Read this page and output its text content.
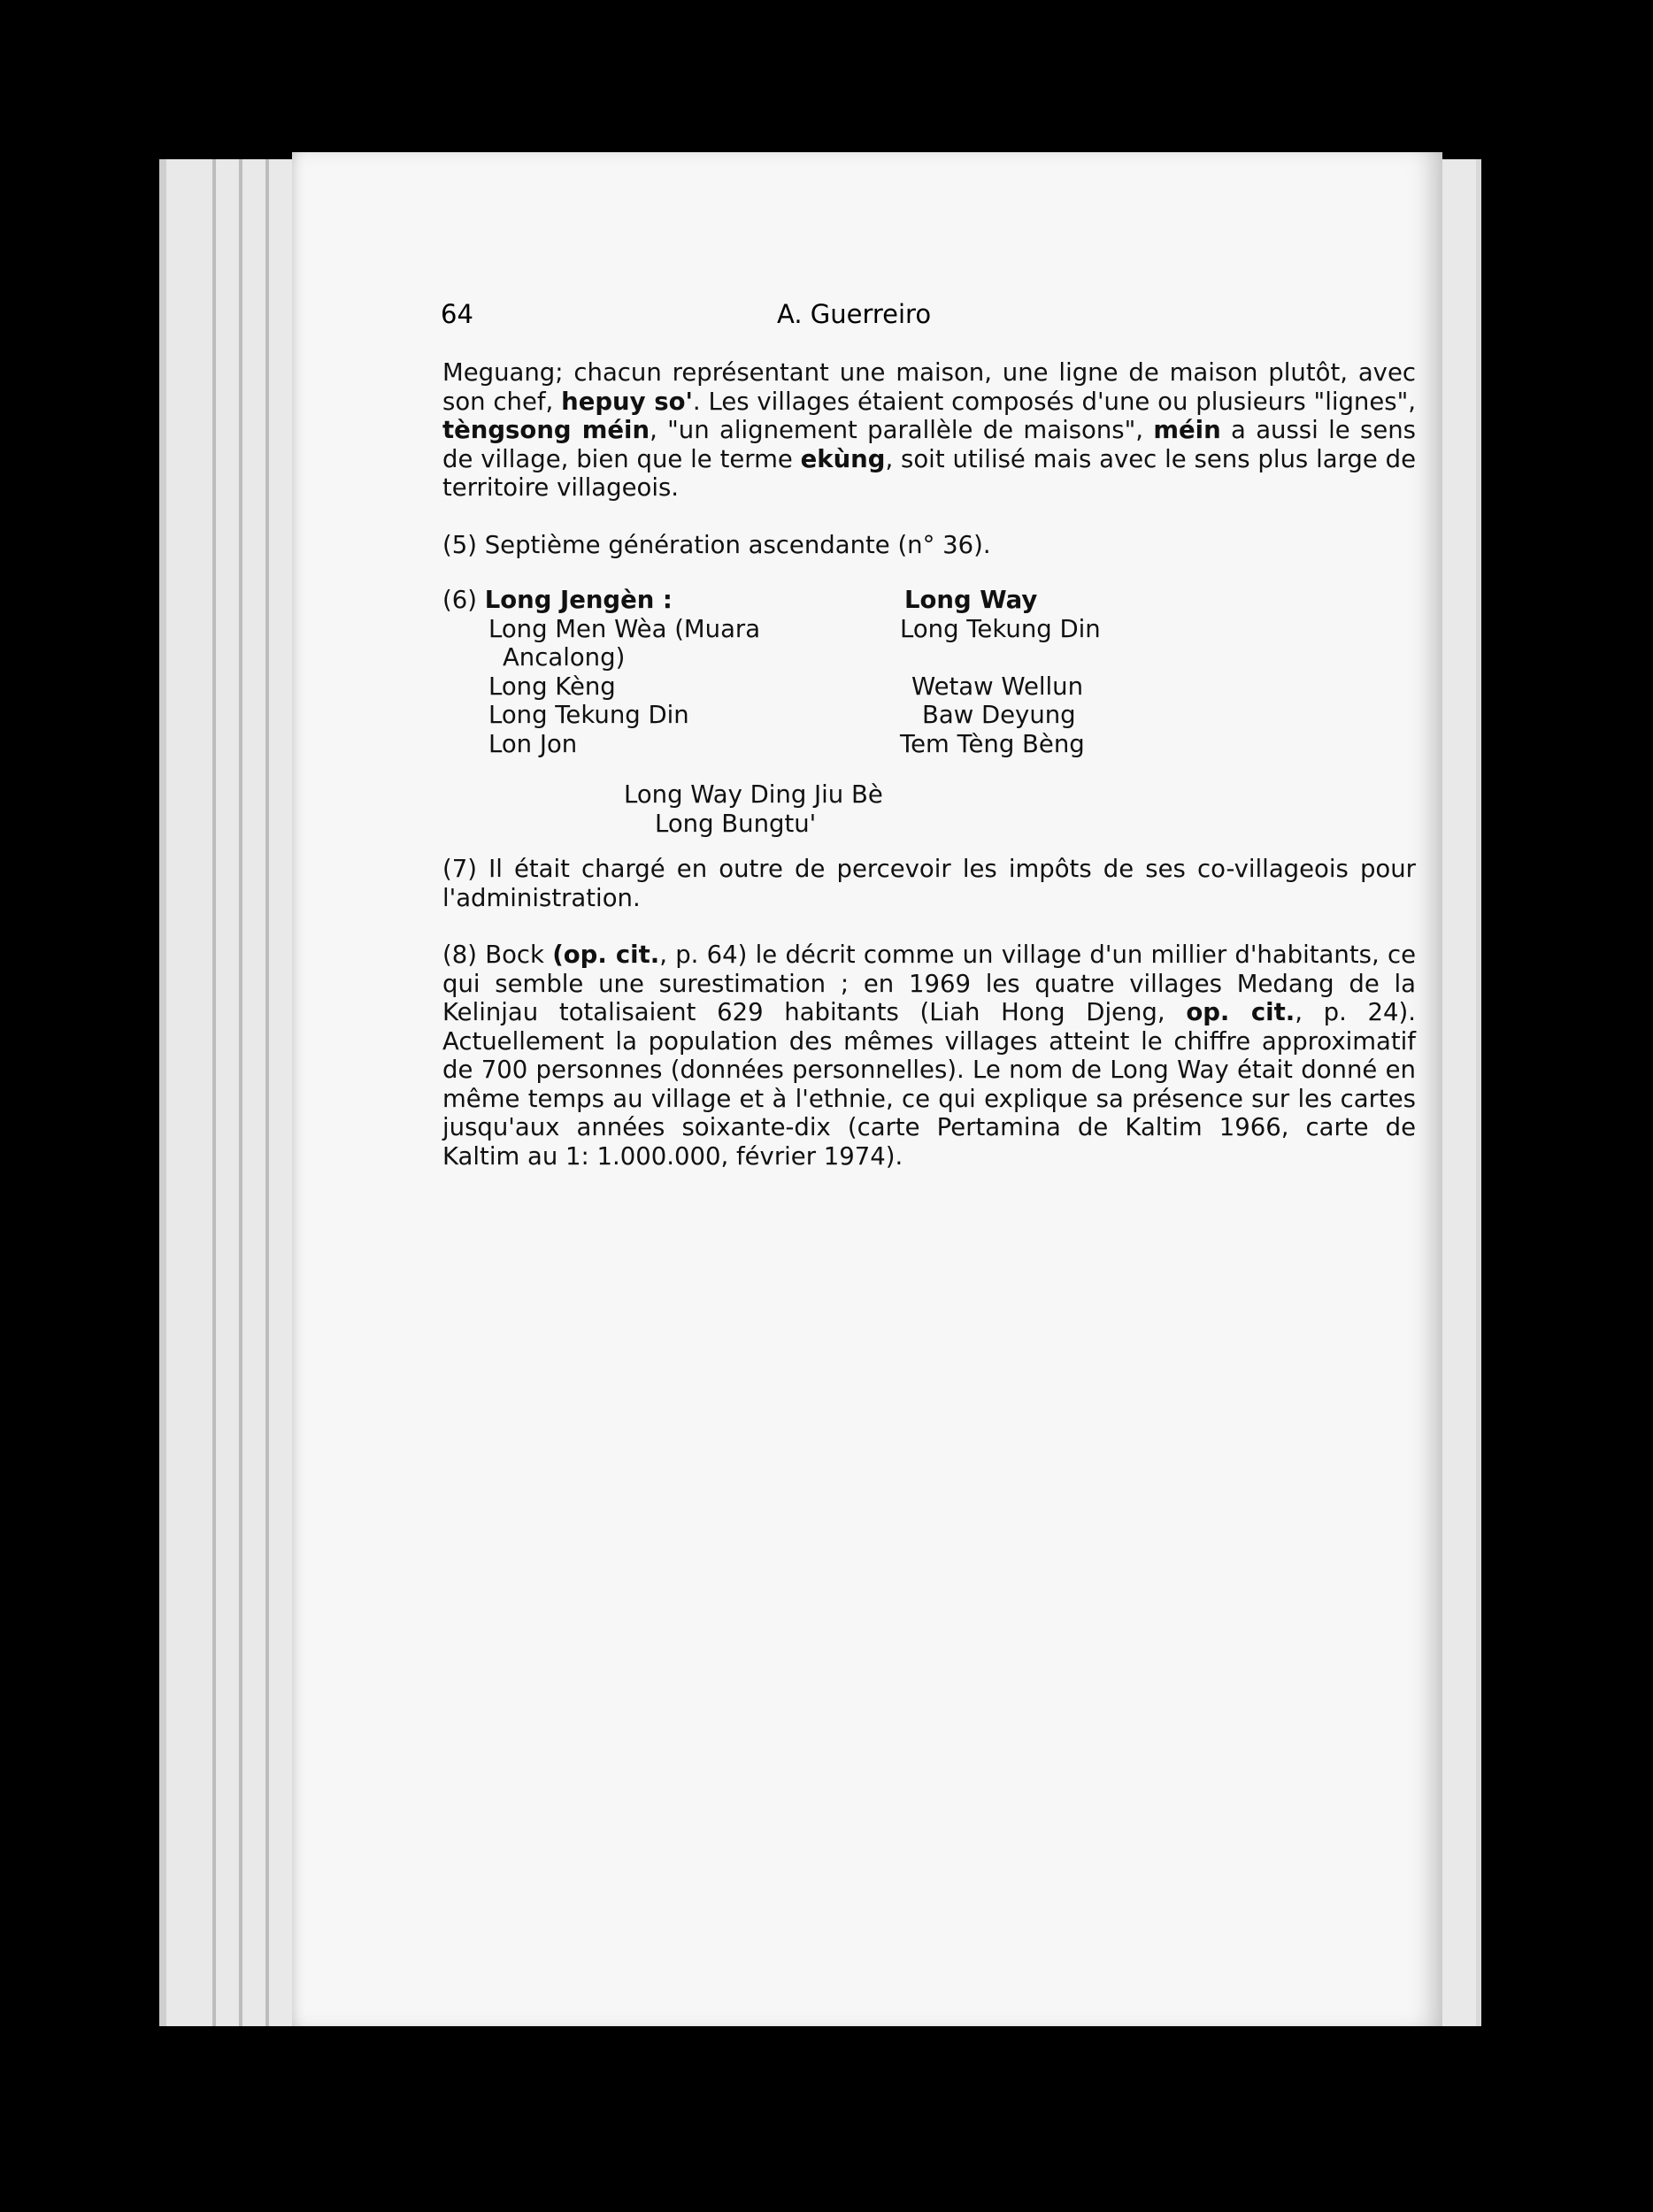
64	A. Guerreiro

Meguang; chacun représentant une maison, une ligne de maison plutôt, avec son chef, hepuy so'. Les villages étaient composés d'une ou plusieurs "lignes", tèngsong méin, "un alignement parallèle de maisons", méin a aussi le sens de village, bien que le terme ekùng, soit utilisé mais avec le sens plus large de territoire villageois.

(5) Septième génération ascendante (n° 36).

(6) Long Jengèn :
Long Men Wèa (Muara
Ancalong)
Long Kèng
Long Tekung Din
Lon Jon
Long Way
Long Tekung Din

Wetaw Wellun
Baw Deyung
Tem Tèng Bèng
Long Way Ding Jiu Bè
Long Bungtu'

(7) Il était chargé en outre de percevoir les impôts de ses co-villageois pour l'administration.

(8) Bock (op. cit., p. 64) le décrit comme un village d'un millier d'habitants, ce qui semble une surestimation ; en 1969 les quatre villages Medang de la Kelinjau totalisaient 629 habitants (Liah Hong Djeng, op. cit., p. 24). Actuellement la population des mêmes villages atteint le chiffre approximatif de 700 personnes (données personnelles). Le nom de Long Way était donné en même temps au village et à l'ethnie, ce qui explique sa présence sur les cartes jusqu'aux années soixante-dix (carte Pertamina de Kaltim 1966, carte de Kaltim au 1: 1.000.000, février 1974).
